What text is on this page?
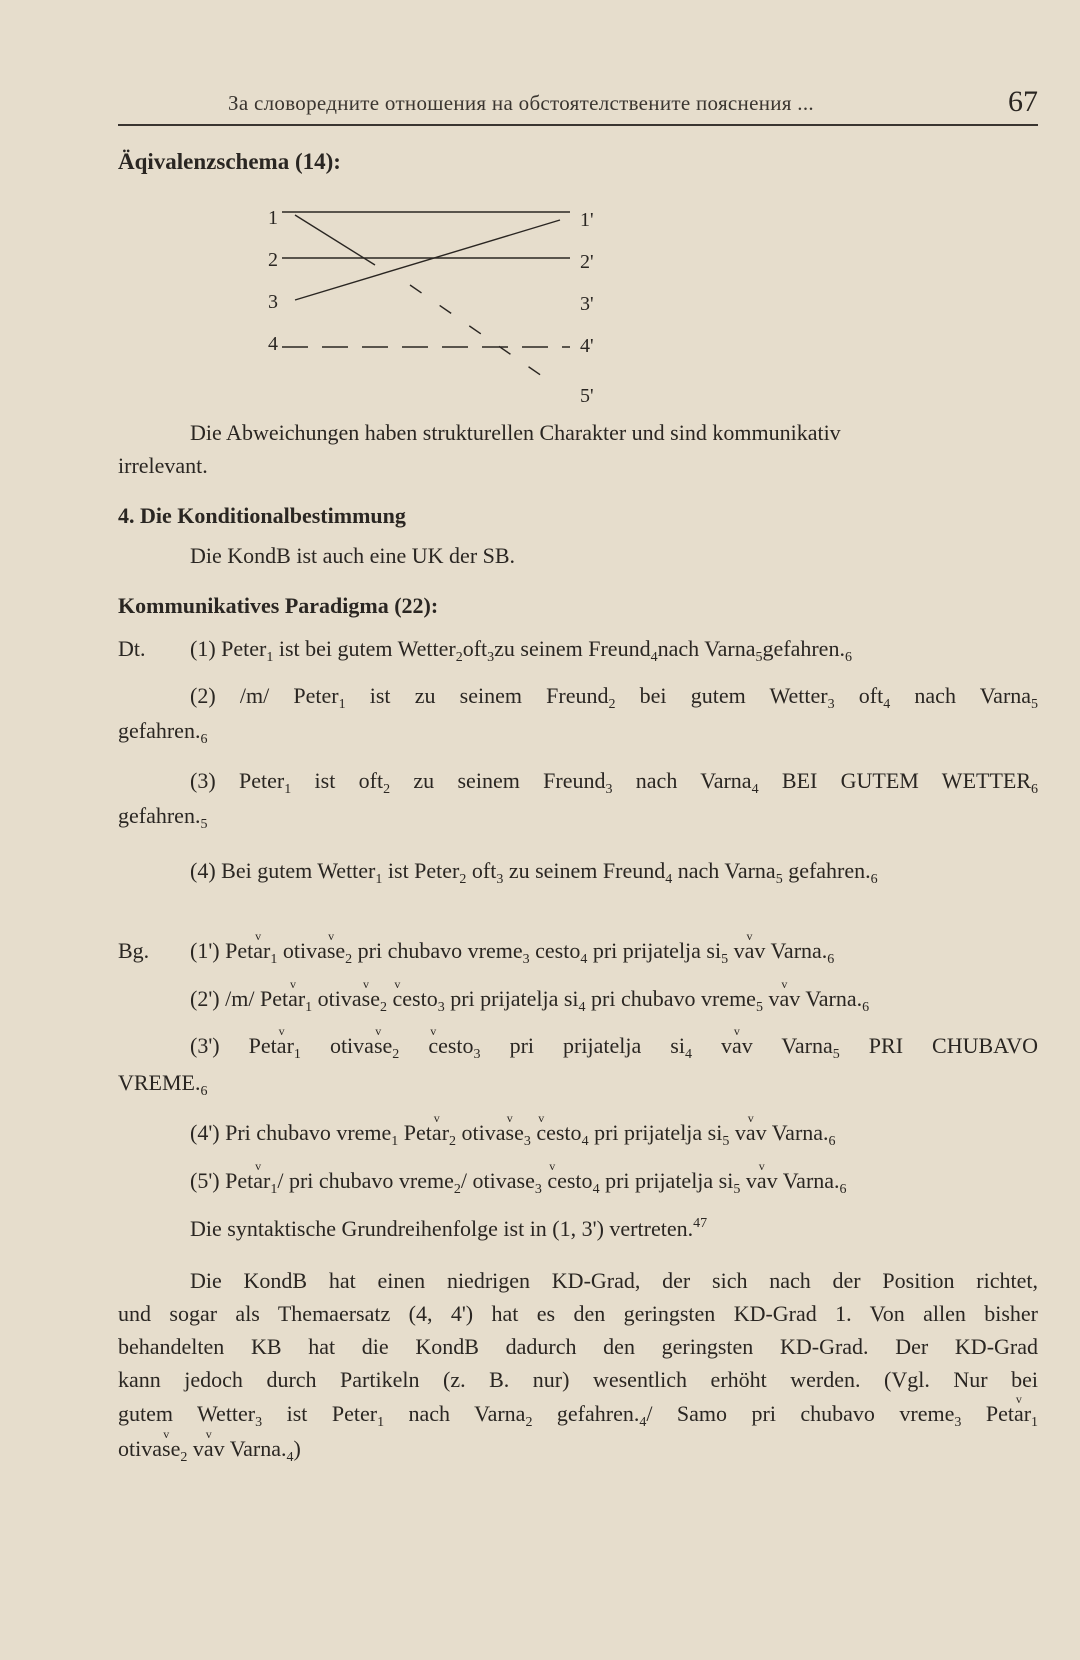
За словоредните отношения на обстоятелствените пояснения ...	67
Äqivalenzschema (14):
1
2
3
4
1'
2'
3'
4'
5'
Die Abweichungen haben strukturellen Charakter und sind kommunikativ
irrelevant.
4. Die Konditionalbestimmung
Die KondB ist auch eine UK der SB.
Kommunikatives Paradigma (22):
Dt. (1) Peter$_1$ ist bei gutem Wetter$_2$oft$_3$zu seinem Freund$_4$nach $Varna_5gefahren._6$
(2) /m/ Peter$_1$ ist zu seinem Freund$_2$ bei gutem Wetter$_3$ oft$_4$ nach Varna$_5$
$gefahren._6$
(3) Peter$_1$ ist oft$_2$ zu seinem Freund$_3$ nach Varna$_4$ BEI GUTEM $WETTER_6$
$gefahren._5$
(4) Bei gutem Wetter$_1$ ist Peter$_2$ oft$_3$ zu seinem Freund$_4$ nach Varna$_5$ $gefahren._6$
Bg. (1') Petv $ar_1$ otivav $se_2$ pri chubavo vreme$_3$ cesto$_4$ pri prijatelja $si_5$ vv av $Varna._6$
(2') /m/ Petv $ar_1$ otivav $se_2$ v cesto$_3$ pri prijatelja $si_4$ pri chubavo vreme$_5$ vv av $Varna._6$
(3') Petv $ar_1$ otivav $se_2$ v cesto$_3$ pri prijatelja $si_4$ vv av Varna$_5$ PRI CHUBAVO
$VREME._6$
(4') Pri chubavo vreme$_1$ Petv $ar_2$ otivav $se_3$ v cesto$_4$ pri prijatelja $si_5$ vv av $Varna._6$
(5') Petv $ar_1/$ pri chubavo vreme$_2$/ otivase$_3$ v cesto$_4$ pri prijatelja $si_5$ vv av $Varna._6$
Die syntaktische Grundreihenfolge ist in (1, 3') vertreten.$^{47}$
Die KondB hat einen niedrigen KD-Grad, der sich nach der Position richtet,
und sogar als Themaersatz (4, 4') hat es den geringsten KD-Grad 1. Von allen bisher
behandelten KB hat die KondB dadurch den geringsten KD-Grad. Der KD-Grad
kann jedoch durch Partikeln (z. B. nur) wesentlich erhöht werden. (Vgl. Nur bei
gutem Wetter$_3$ ist Peter$_1$ nach Varna$_2$ $gefahren._4/$ Samo pri chubavo vreme$_3$ Petv $ar_1$
otivav $se_2$ vv av $Varna._4$)
